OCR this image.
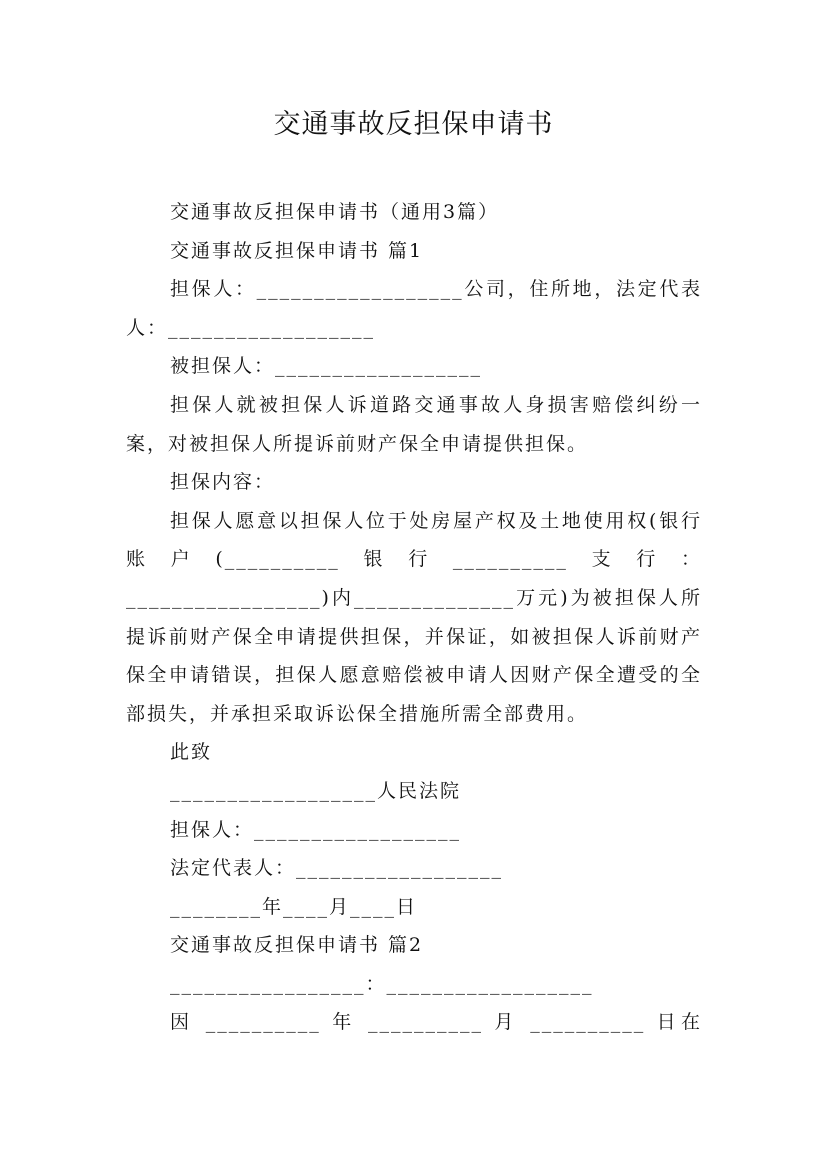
交通事故反担保申请书

交通事故反担保申请书（通用3篇）

交通事故反担保申请书 篇1

担保人：__________________公司，住所地，法定代表人：__________________

被担保人：__________________

担保人就被担保人诉道路交通事故人身损害赔偿纠纷一案，对被担保人所提诉前财产保全申请提供担保。

担保内容：

担保人愿意以担保人位于处房屋产权及土地使用权(银行账户(__________银行__________支行：_________________)内______________万元)为被担保人所提诉前财产保全申请提供担保，并保证，如被担保人诉前财产保全申请错误，担保人愿意赔偿被申请人因财产保全遭受的全部损失，并承担采取诉讼保全措施所需全部费用。

此致

__________________人民法院

担保人：__________________

法定代表人：__________________

________年____月____日

交通事故反担保申请书 篇2

_________________：__________________

因 __________ 年 __________ 月 __________ 日在
